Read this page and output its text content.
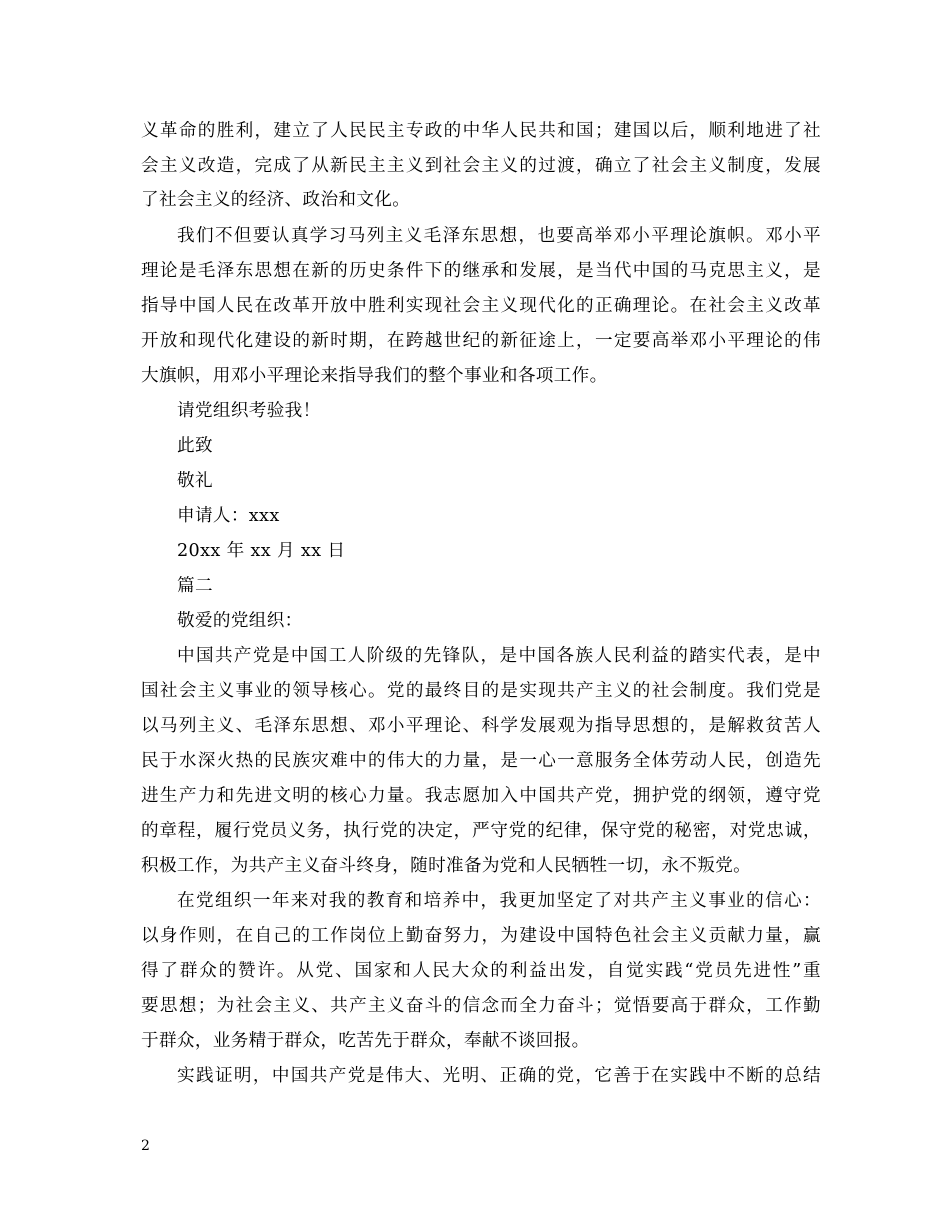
义革命的胜利，建立了人民民主专政的中华人民共和国；建国以后，顺利地进了社
会主义改造，完成了从新民主主义到社会主义的过渡，确立了社会主义制度，发展
了社会主义的经济、政治和文化。
我们不但要认真学习马列主义毛泽东思想，也要高举邓小平理论旗帜。邓小平
理论是毛泽东思想在新的历史条件下的继承和发展，是当代中国的马克思主义，是
指导中国人民在改革开放中胜利实现社会主义现代化的正确理论。在社会主义改革
开放和现代化建设的新时期，在跨越世纪的新征途上，一定要高举邓小平理论的伟
大旗帜，用邓小平理论来指导我们的整个事业和各项工作。
请党组织考验我！
此致
敬礼
申请人：xxx
20xx 年 xx 月 xx 日
篇二
敬爱的党组织：
中国共产党是中国工人阶级的先锋队，是中国各族人民利益的踏实代表，是中
国社会主义事业的领导核心。党的最终目的是实现共产主义的社会制度。我们党是
以马列主义、毛泽东思想、邓小平理论、科学发展观为指导思想的，是解救贫苦人
民于水深火热的民族灾难中的伟大的力量，是一心一意服务全体劳动人民，创造先
进生产力和先进文明的核心力量。我志愿加入中国共产党，拥护党的纲领，遵守党
的章程，履行党员义务，执行党的决定，严守党的纪律，保守党的秘密，对党忠诚，
积极工作，为共产主义奋斗终身，随时准备为党和人民牺牲一切，永不叛党。
在党组织一年来对我的教育和培养中，我更加坚定了对共产主义事业的信心：
以身作则，在自己的工作岗位上勤奋努力，为建设中国特色社会主义贡献力量，赢
得了群众的赞许。从党、国家和人民大众的利益出发，自觉实践“党员先进性”重
要思想；为社会主义、共产主义奋斗的信念而全力奋斗；觉悟要高于群众，工作勤
于群众，业务精于群众，吃苦先于群众，奉献不谈回报。
实践证明，中国共产党是伟大、光明、正确的党，它善于在实践中不断的总结
2
